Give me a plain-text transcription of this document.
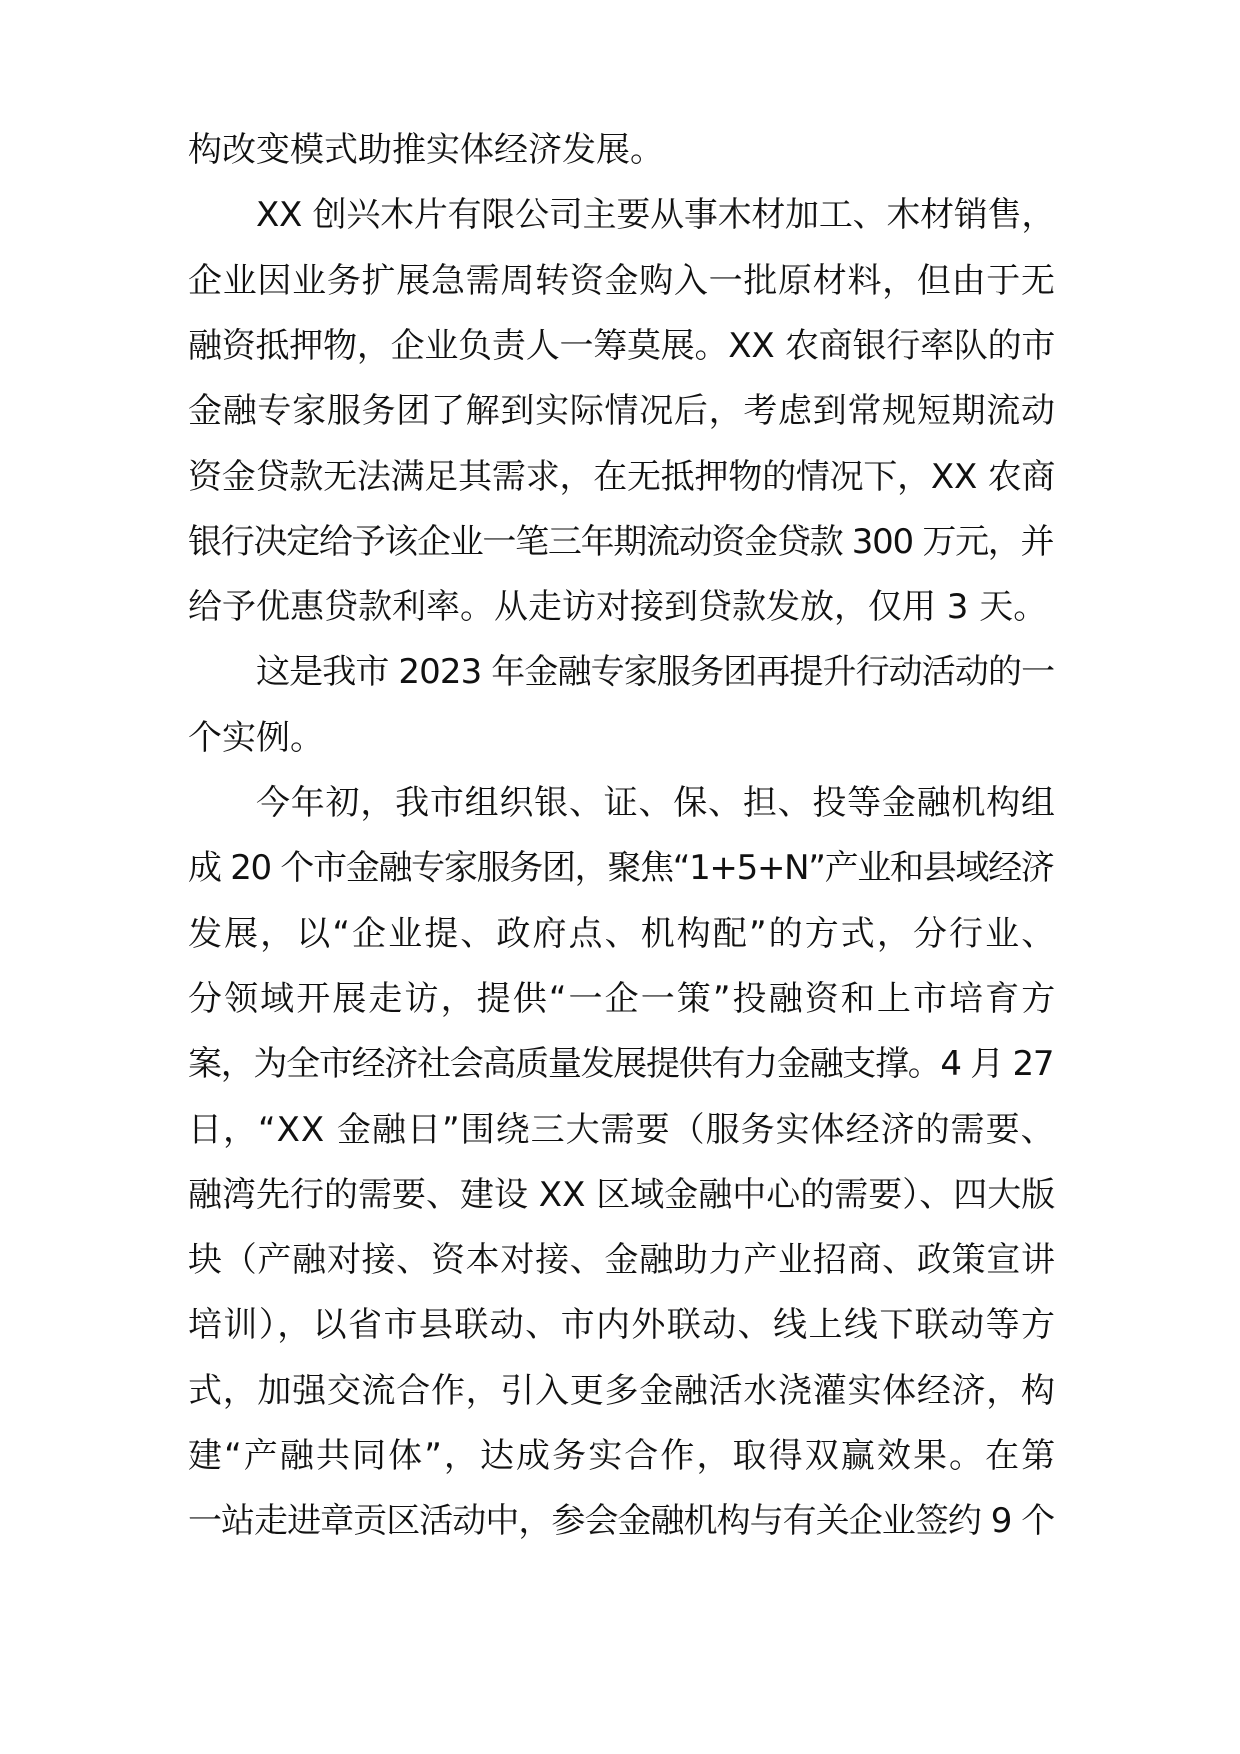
构改变模式助推实体经济发展。
XX 创兴木片有限公司主要从事木材加工、木材销售，
企业因业务扩展急需周转资金购入一批原材料，但由于无
融资抵押物，企业负责人一筹莫展。XX 农商银行率队的市
金融专家服务团了解到实际情况后，考虑到常规短期流动
资金贷款无法满足其需求，在无抵押物的情况下，XX 农商
银行决定给予该企业一笔三年期流动资金贷款 300 万元，并
给予优惠贷款利率。从走访对接到贷款发放，仅用 3 天。
这是我市 2023 年金融专家服务团再提升行动活动的一
个实例。
今年初，我市组织银、证、保、担、投等金融机构组
成 20 个市金融专家服务团，聚焦“1+5+N”产业和县域经济
发展，以“企业提、政府点、机构配”的方式，分行业、
分领域开展走访，提供“一企一策”投融资和上市培育方
案，为全市经济社会高质量发展提供有力金融支撑。4 月 27
日，“XX 金融日”围绕三大需要（服务实体经济的需要、
融湾先行的需要、建设 XX 区域金融中心的需要）、四大版
块（产融对接、资本对接、金融助力产业招商、政策宣讲
培训），以省市县联动、市内外联动、线上线下联动等方
式，加强交流合作，引入更多金融活水浇灌实体经济，构
建“产融共同体”，达成务实合作，取得双赢效果。在第
一站走进章贡区活动中，参会金融机构与有关企业签约 9 个
